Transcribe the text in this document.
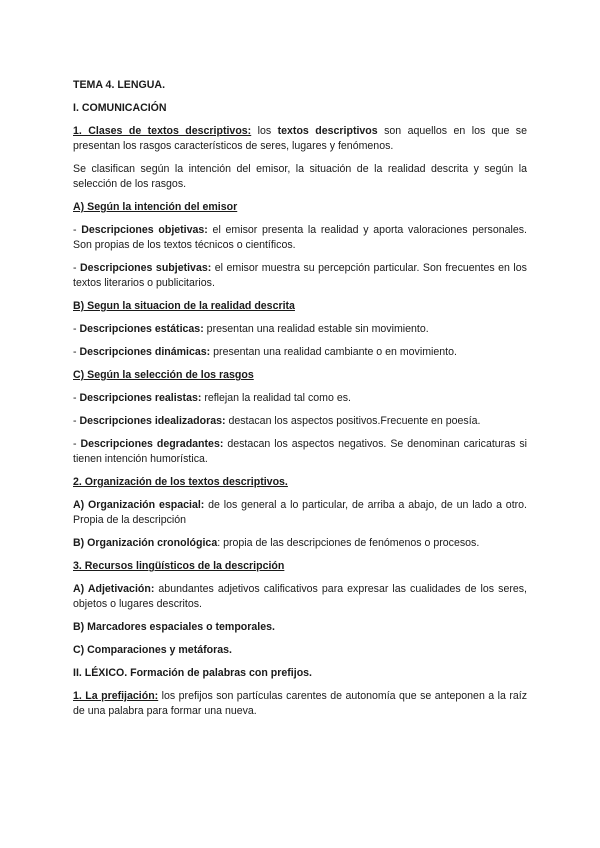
TEMA 4. LENGUA.

I. COMUNICACIÓN

1. Clases de textos descriptivos: los textos descriptivos son aquellos en los que se presentan los rasgos característicos de seres, lugares y fenómenos.

Se clasifican según la intención del emisor, la situación de la realidad descrita y según la selección de los rasgos.

A) Según la intención del emisor

- Descripciones objetivas: el emisor presenta la realidad y aporta valoraciones personales. Son propias de los textos técnicos o científicos.

- Descripciones subjetivas: el emisor muestra su percepción particular. Son frecuentes en los textos literarios o publicitarios.

B) Segun la situacion de la realidad descrita

- Descripciones estáticas: presentan una realidad estable sin movimiento.

- Descripciones dinámicas: presentan una realidad cambiante o en movimiento.

C) Según la selección de los rasgos

- Descripciones realistas: reflejan la realidad tal como es.

- Descripciones idealizadoras: destacan los aspectos positivos.Frecuente en poesía.

- Descripciones degradantes: destacan los aspectos negativos. Se denominan caricaturas si tienen intención humorística.

2. Organización de los textos descriptivos.

A) Organización espacial: de los general a lo particular, de arriba a abajo, de un lado a otro. Propia de la descripción

B) Organización cronológica: propia de las descripciones de fenómenos o procesos.

3. Recursos lingüísticos de la descripción

A) Adjetivación: abundantes adjetivos calificativos para expresar las cualidades de los seres, objetos o lugares descritos.

B) Marcadores espaciales o temporales.

C) Comparaciones y metáforas.

II. LÉXICO. Formación de palabras con prefijos.

1. La prefijación: los prefijos son partículas carentes de autonomía que se anteponen a la raíz de una palabra para formar una nueva.
